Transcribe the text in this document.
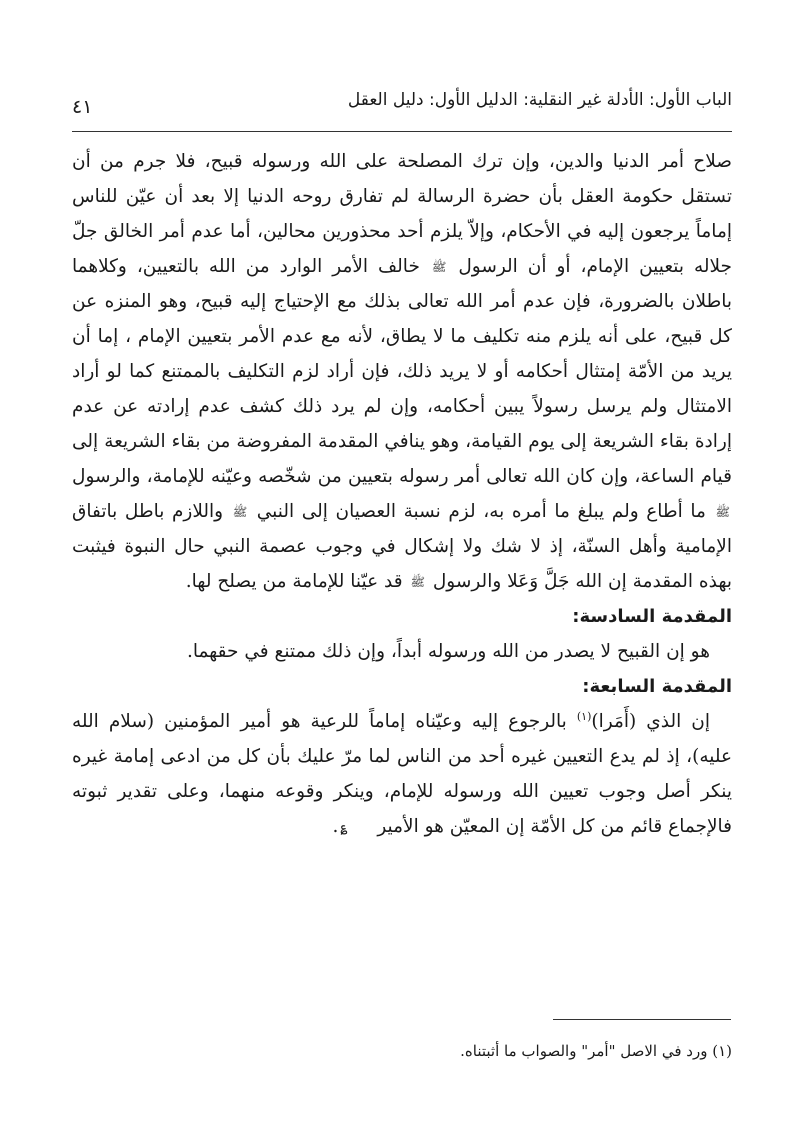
الباب الأول: الأدلة غير النقلية: الدليل الأول: دليل العقل
٤١

صلاح أمر الدنيا والدين، وإن ترك المصلحة على الله ورسوله قبيح، فلا جرم من أن تستقل حكومة العقل بأن حضرة الرسالة لم تفارق روحه الدنيا إلا بعد أن عيّن للناس إماماً يرجعون إليه في الأحكام، وإلاّ يلزم أحد محذورين محالين، أما عدم أمر الخالق جلّ جلاله بتعيين الإمام، أو أن الرسول ﷺ خالف الأمر الوارد من الله بالتعيين، وكلاهما باطلان بالضرورة، فإن عدم أمر الله تعالى بذلك مع الإحتياج إليه قبيح، وهو المنزه عن كل قبيح، على أنه يلزم منه تكليف ما لا يطاق، لأنه مع عدم الأمر بتعيين الإمام ، إما أن يريد من الأمّة إمتثال أحكامه أو لا يريد ذلك، فإن أراد لزم التكليف بالممتنع كما لو أراد الامتثال ولم يرسل رسولاً يبين أحكامه، وإن لم يرد ذلك كشف عدم إرادته عن عدم إرادة بقاء الشريعة إلى يوم القيامة، وهو ينافي المقدمة المفروضة من بقاء الشريعة إلى قيام الساعة، وإن كان الله تعالى أمر رسوله بتعيين من شخّصه وعيّنه للإمامة، والرسول ﷺ ما أطاع ولم يبلغ ما أمره به، لزم نسبة العصيان إلى النبي ﷺ واللازم باطل باتفاق الإمامية وأهل السنّة، إذ لا شك ولا إشكال في وجوب عصمة النبي حال النبوة فيثبت بهذه المقدمة إن الله جَلَّ وَعَلا والرسول ﷺ قد عيّنا للإمامة من يصلح لها.

المقدمة السادسة:

هو إن القبيح لا يصدر من الله ورسوله أبداً، وإن ذلك ممتنع في حقهما.

المقدمة السابعة:

إن الذي (أَمَرا)$^{(١)}$ بالرجوع إليه وعيّناه إماماً للرعية هو أمير المؤمنين (سلام الله عليه)، إذ لم يدع التعيين غيره أحد من الناس لما مرّ عليك بأن كل من ادعى إمامة غيره ينكر أصل وجوب تعيين الله ورسوله للإمام، وينكر وقوعه منهما، وعلى تقدير ثبوته فالإجماع قائم من كل الأمّة إن المعيّن هو الأمير ؏.

(١) ورد في الاصل "أمر" والصواب ما أثبتناه.
